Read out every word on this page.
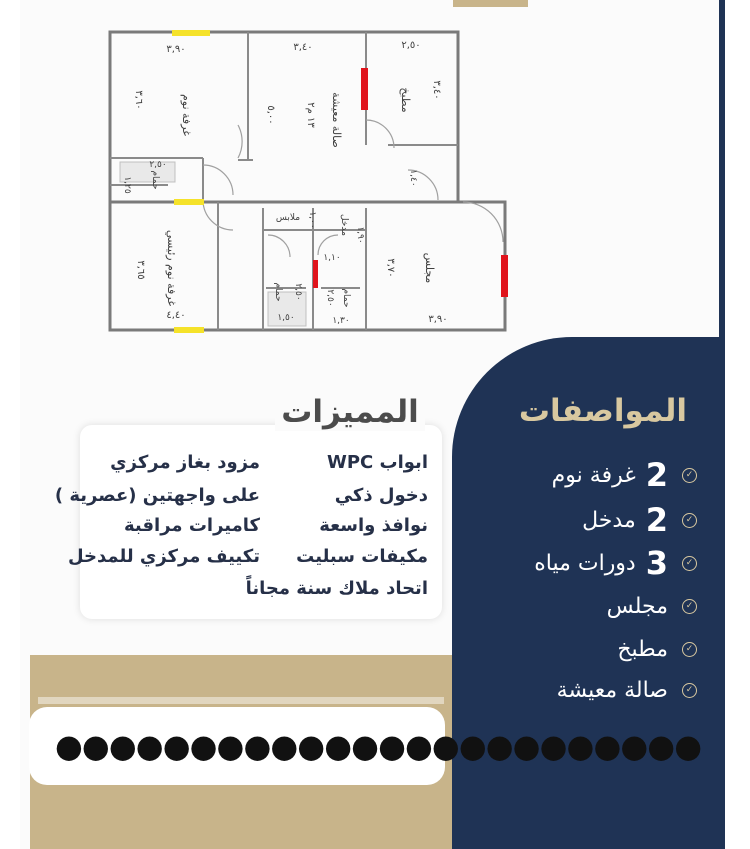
٣,٩٠
٣,٦٠	غرفة نوم
٣,٤٠
٥,٠٠	صالة معيشة
١٣ م٢
٢,٥٠
٣,٤٠
مطبخ
٢,٥٠
١,٢٥ حمام	١,٤٠
٣,٦٥ غرفة نوم رئيسي
٤,٤٠
ملابس ١,٠٠ مدخل ١,٩٠
١,١٠
١,٥٠
حمام ٢,٥٠
١,٣٠
حمام
٢,٥٠
٣,٧٠ مجلس
٣,٩٠
المميزات
ابواب WPC
دخول ذكي
نوافذ واسعة
مكيفات سبليت
اتحاد ملاك سنة مجاناً
مزود بغاز مركزي
على واجهتين (عصرية )
كاميرات مراقبة
تكييف مركزي للمدخل
المواصفات
✓
2
غرفة نوم
✓
2
مدخل
✓
3
دورات مياه
✓
مجلس
✓
مطبخ
✓
صالة معيشة
●●●●●●●●●●●●●●●●●●●●●●●●
